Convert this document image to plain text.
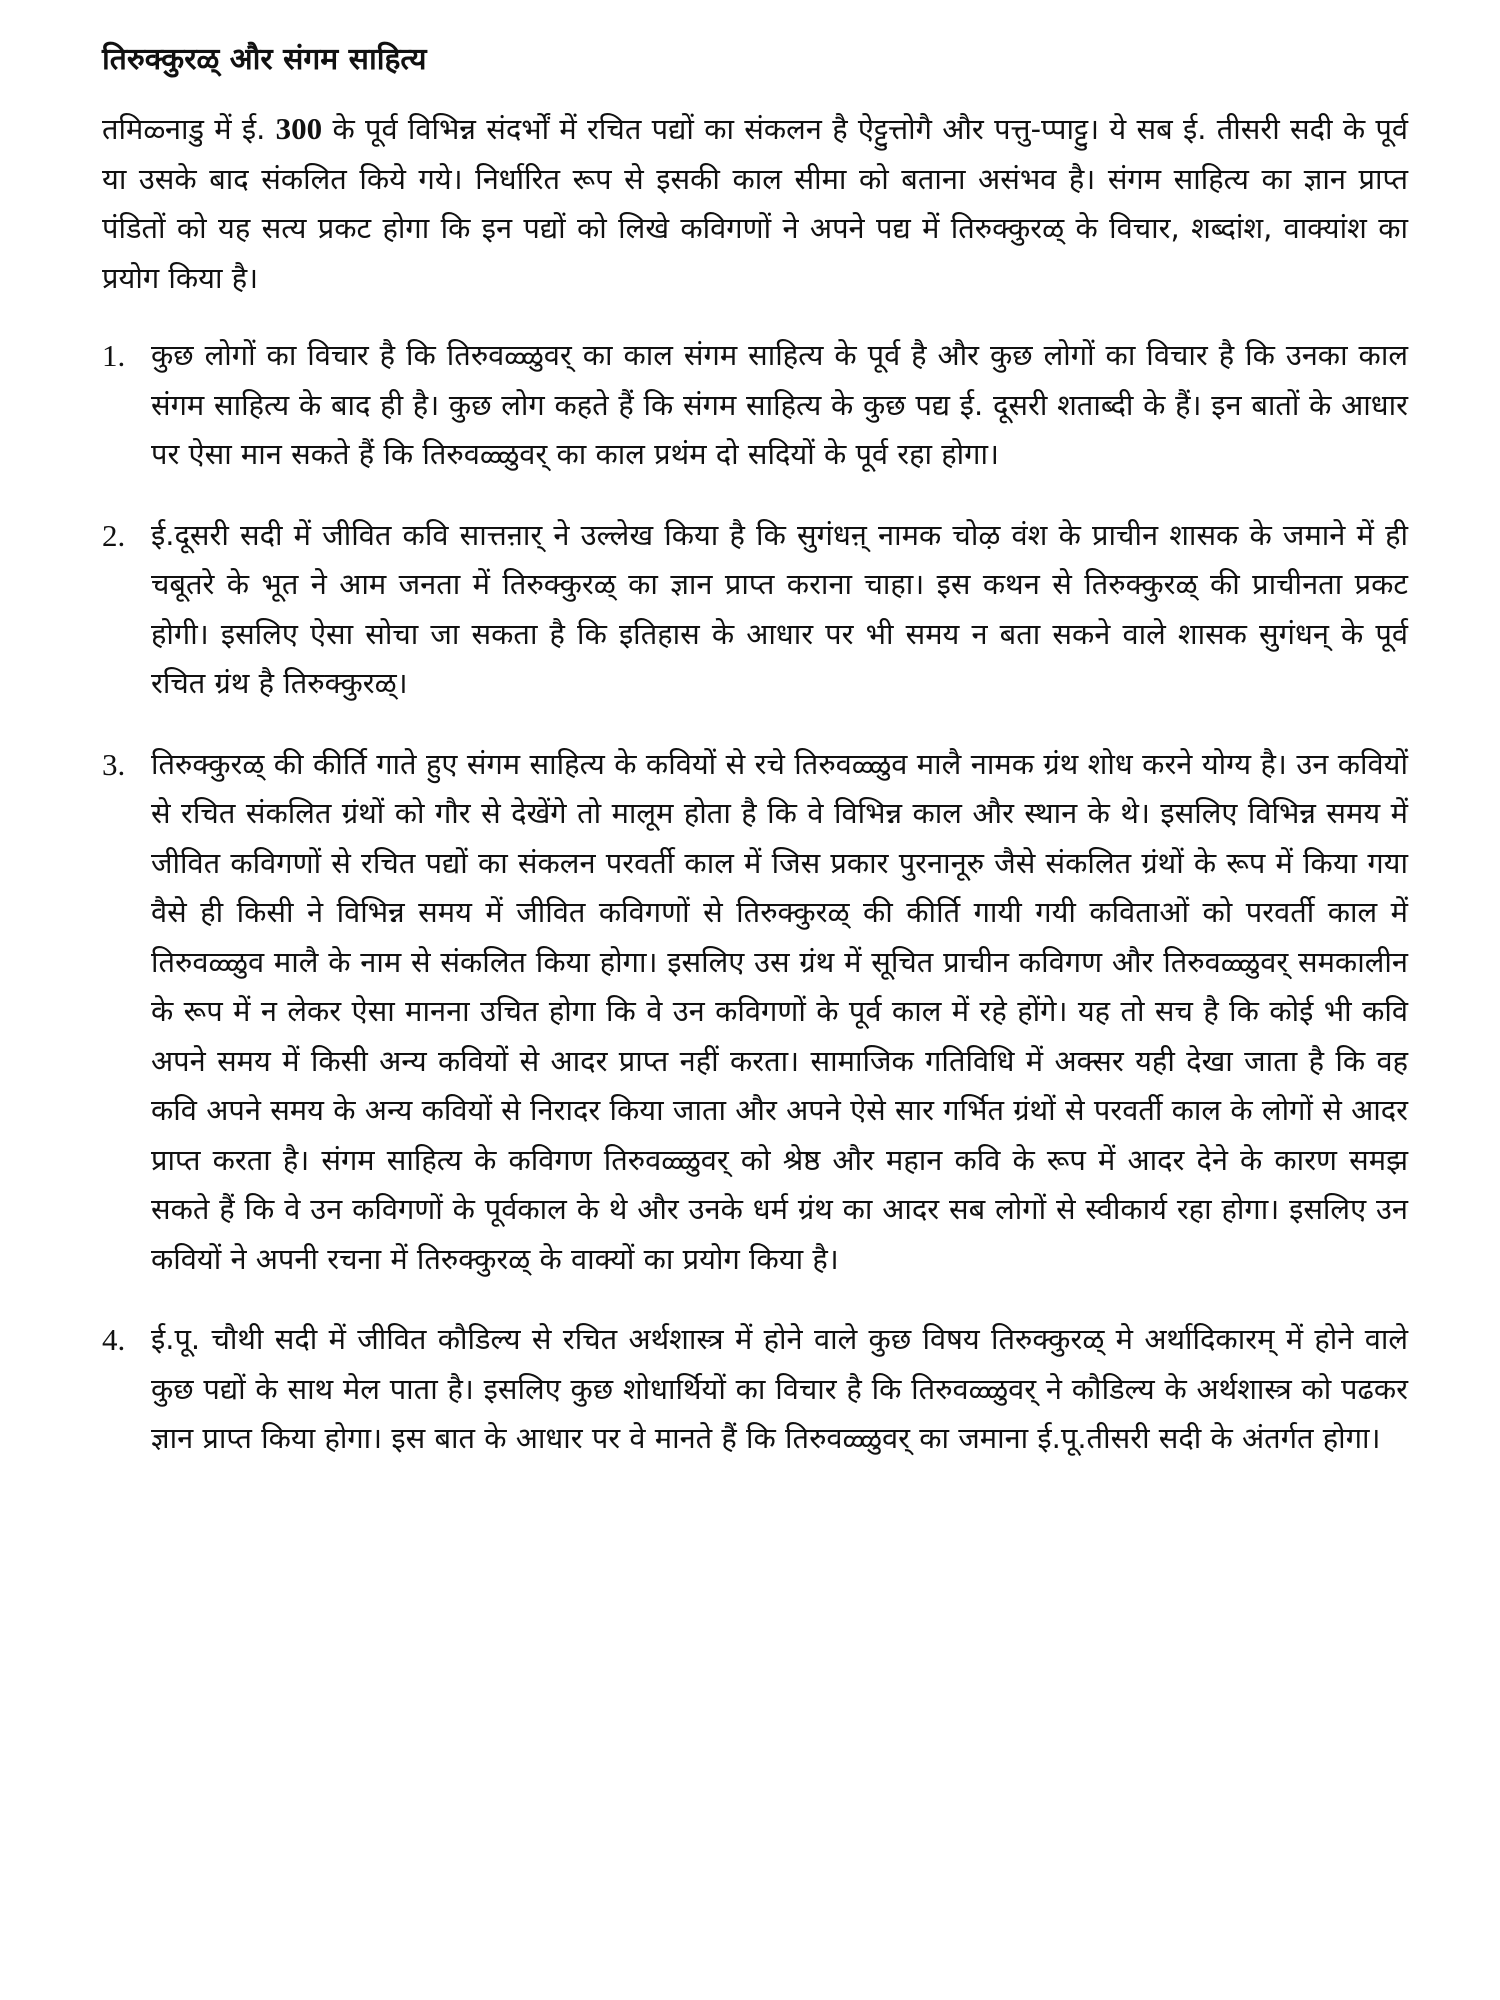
तिरुक्कुरळ् और संगम साहित्य

तमिळ्नाडु में ई. 300 के पूर्व विभिन्न संदर्भों में रचित पद्यों का संकलन है ऐट्टुत्तोगै और पत्तु-प्पाट्टु। ये सब ई. तीसरी सदी के पूर्व या उसके बाद संकलित किये गये। निर्धारित रूप से इसकी काल सीमा को बताना असंभव है। संगम साहित्य का ज्ञान प्राप्त पंडितों को यह सत्य प्रकट होगा कि इन पद्यों को लिखे कविगणों ने अपने पद्य में तिरुक्कुरळ् के विचार, शब्दांश, वाक्यांश का प्रयोग किया है।

1. कुछ लोगों का विचार है कि तिरुवळ्ळुवर् का काल संगम साहित्य के पूर्व है और कुछ लोगों का विचार है कि उनका काल संगम साहित्य के बाद ही है। कुछ लोग कहते हैं कि संगम साहित्य के कुछ पद्य ई. दूसरी शताब्दी के हैं। इन बातों के आधार पर ऐसा मान सकते हैं कि तिरुवळ्ळुवर् का काल प्रथंम दो सदियों के पूर्व रहा होगा।
2. ई.दूसरी सदी में जीवित कवि सात्तऩार् ने उल्लेख किया है कि सुगंधऩ् नामक चोऴ वंश के प्राचीन शासक के जमाने में ही चबूतरे के भूत ने आम जनता में तिरुक्कुरळ् का ज्ञान प्राप्त कराना चाहा। इस कथन से तिरुक्कुरळ् की प्राचीनता प्रकट होगी। इसलिए ऐसा सोचा जा सकता है कि इतिहास के आधार पर भी समय न बता सकने वाले शासक सुगंधन् के पूर्व रचित ग्रंथ है तिरुक्कुरळ्।
3. तिरुक्कुरळ् की कीर्ति गाते हुए संगम साहित्य के कवियों से रचे तिरुवळ्ळुव मालै नामक ग्रंथ शोध करने योग्य है। उन कवियों से रचित संकलित ग्रंथों को गौर से देखेंगे तो मालूम होता है कि वे विभिन्न काल और स्थान के थे। इसलिए विभिन्न समय में जीवित कविगणों से रचित पद्यों का संकलन परवर्ती काल में जिस प्रकार पुरनानूरु जैसे संकलित ग्रंथों के रूप में किया गया वैसे ही किसी ने विभिन्न समय में जीवित कविगणों से तिरुक्कुरळ् की कीर्ति गायी गयी कविताओं को परवर्ती काल में तिरुवळ्ळुव मालै के नाम से संकलित किया होगा। इसलिए उस ग्रंथ में सूचित प्राचीन कविगण और तिरुवळ्ळुवर् समकालीन के रूप में न लेकर ऐसा मानना उचित होगा कि वे उन कविगणों के पूर्व काल में रहे होंगे। यह तो सच है कि कोई भी कवि अपने समय में किसी अन्य कवियों से आदर प्राप्त नहीं करता। सामाजिक गतिविधि में अक्सर यही देखा जाता है कि वह कवि अपने समय के अन्य कवियों से निरादर किया जाता और अपने ऐसे सार गर्भित ग्रंथों से परवर्ती काल के लोगों से आदर प्राप्त करता है। संगम साहित्य के कविगण तिरुवळ्ळुवर् को श्रेष्ठ और महान कवि के रूप में आदर देने के कारण समझ सकते हैं कि वे उन कविगणों के पूर्वकाल के थे और उनके धर्म ग्रंथ का आदर सब लोगों से स्वीकार्य रहा होगा। इसलिए उन कवियों ने अपनी रचना में तिरुक्कुरळ् के वाक्यों का प्रयोग किया है।
4. ई.पू. चौथी सदी में जीवित कौडिल्य से रचित अर्थशास्त्र में होने वाले कुछ विषय तिरुक्कुरळ् मे अर्थादिकारम् में होने वाले कुछ पद्यों के साथ मेल पाता है। इसलिए कुछ शोधार्थियों का विचार है कि तिरुवळ्ळुवर् ने कौडिल्य के अर्थशास्त्र को पढकर ज्ञान प्राप्त किया होगा। इस बात के आधार पर वे मानते हैं कि तिरुवळ्ळुवर् का जमाना ई.पू.तीसरी सदी के अंतर्गत होगा।
